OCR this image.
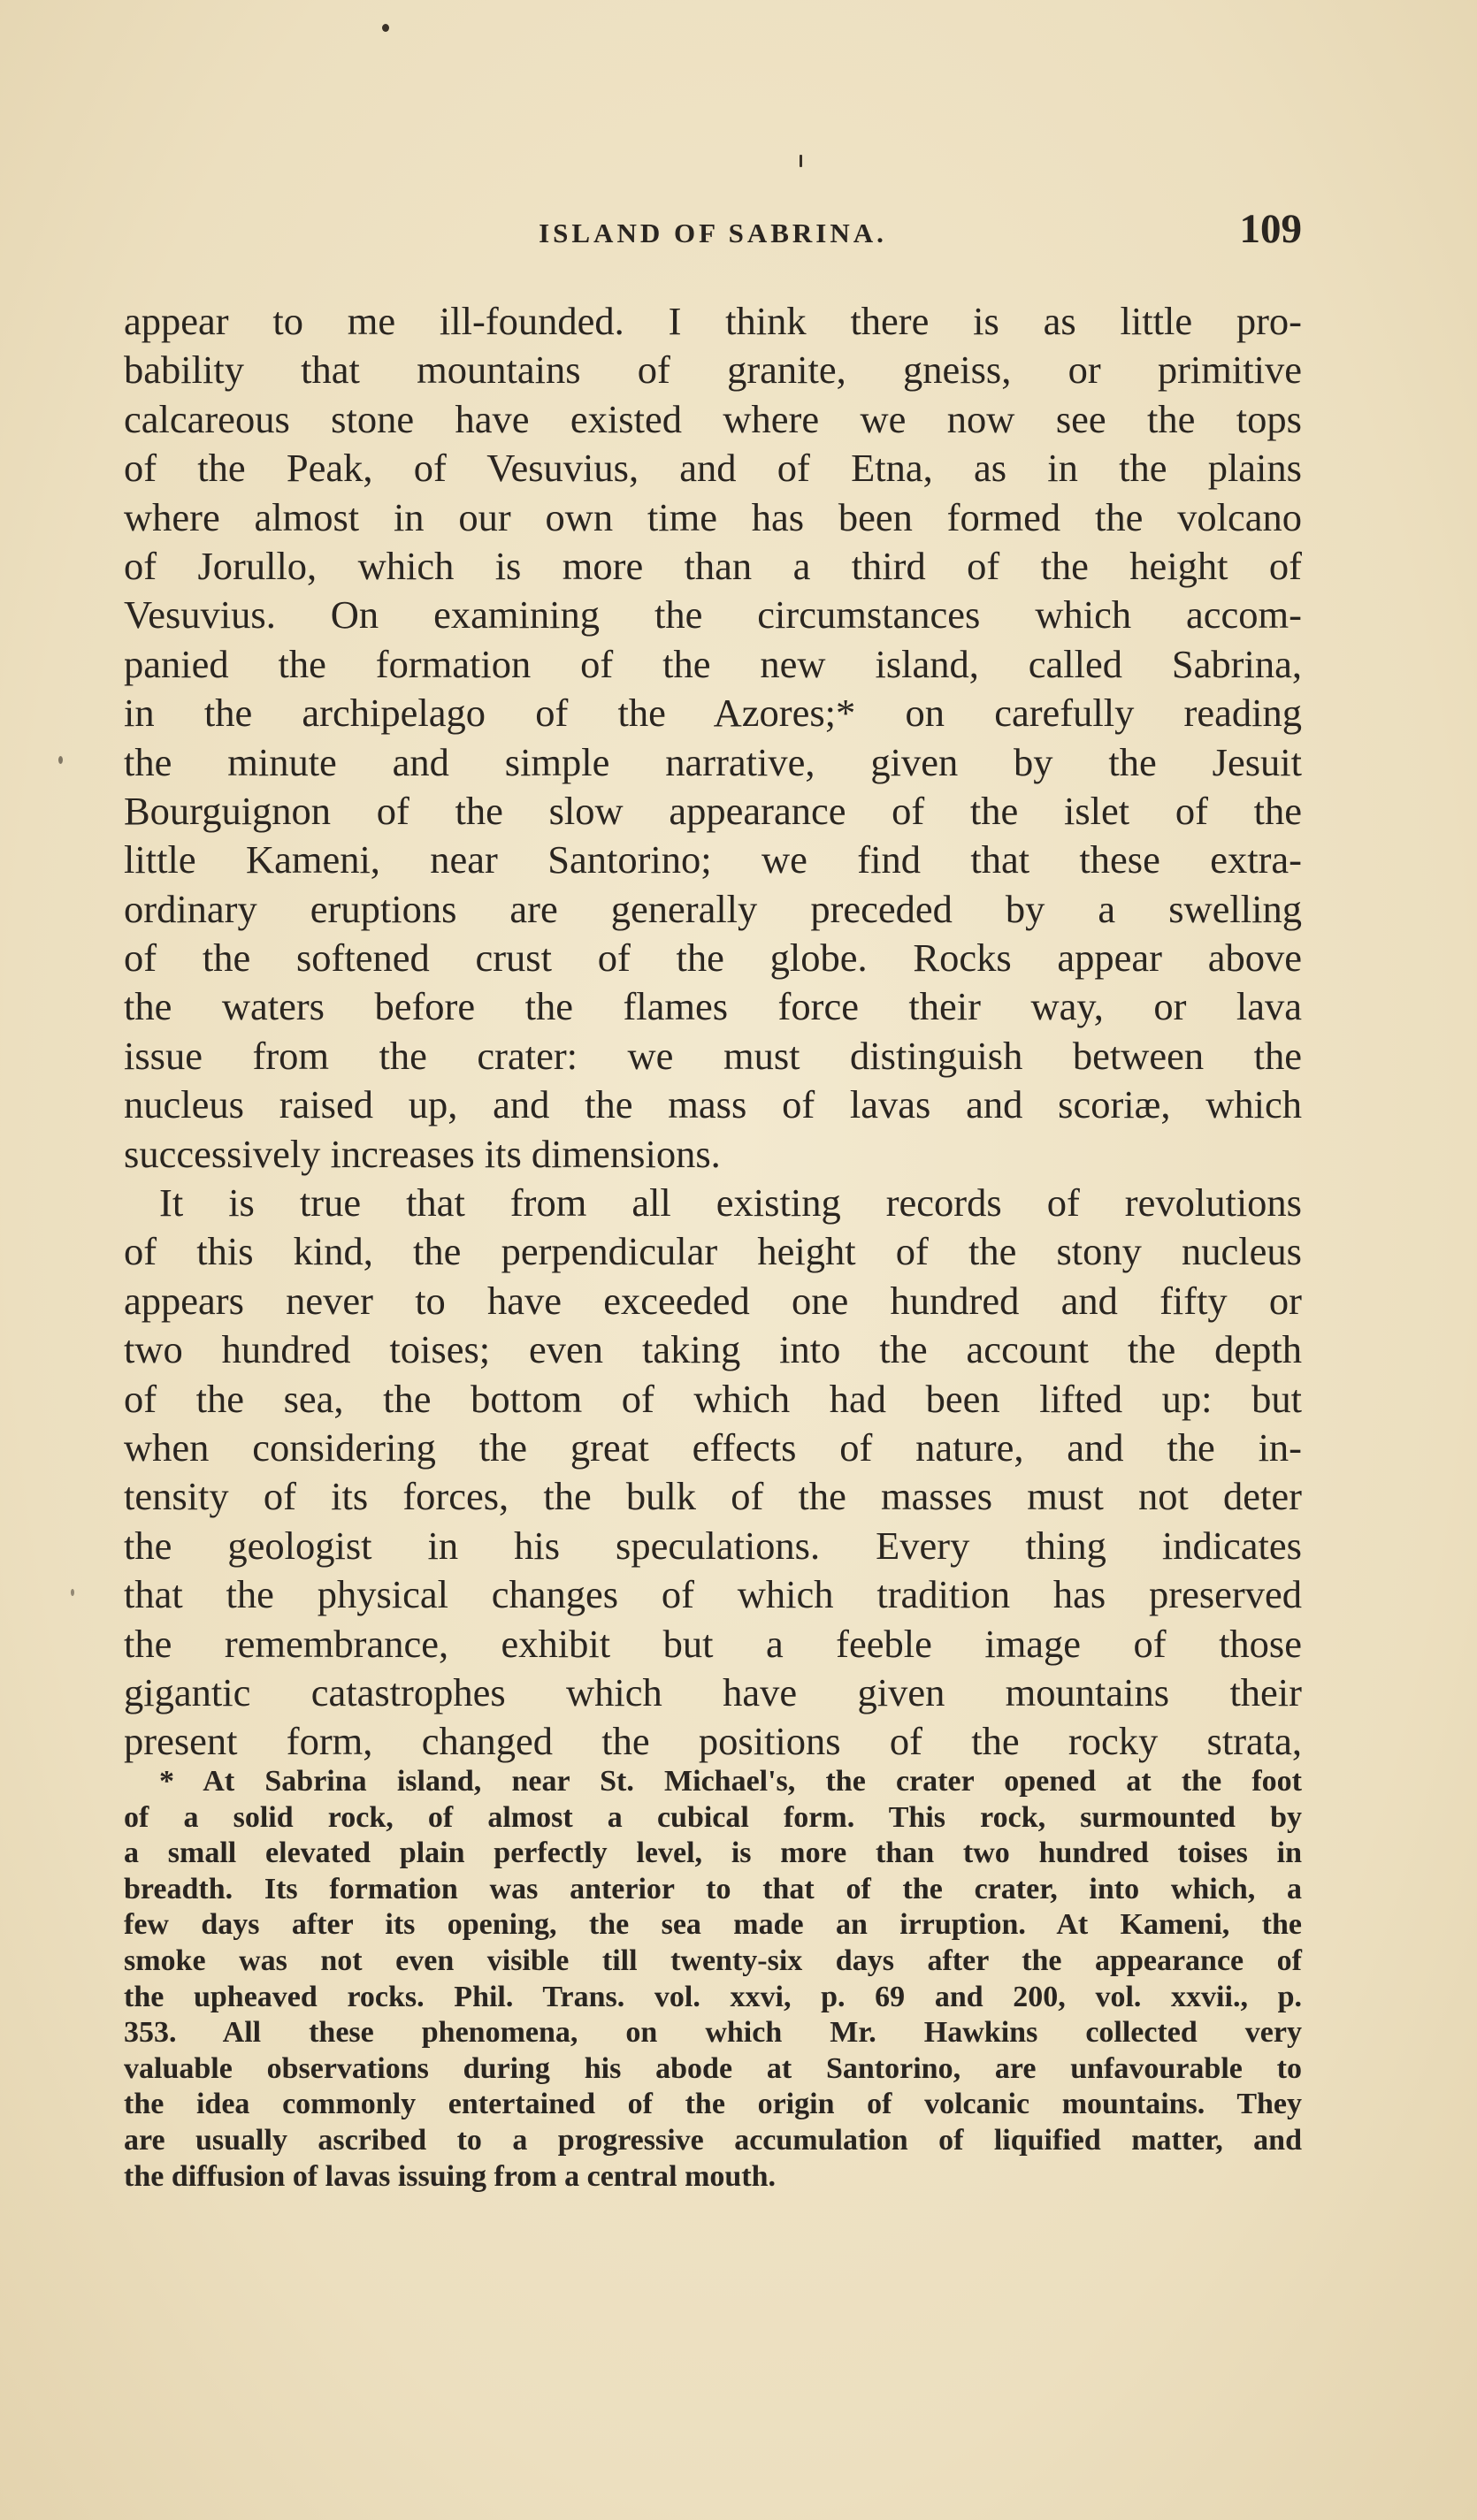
ISLAND OF SABRINA.	109
appear to me ill-founded. I think there is as little pro-
bability that mountains of granite, gneiss, or primitive
calcareous stone have existed where we now see the tops
of the Peak, of Vesuvius, and of Etna, as in the plains
where almost in our own time has been formed the volcano
of Jorullo, which is more than a third of the height of
Vesuvius. On examining the circumstances which accom-
panied the formation of the new island, called Sabrina,
in the archipelago of the Azores;* on carefully reading
the minute and simple narrative, given by the Jesuit
Bourguignon of the slow appearance of the islet of the
little Kameni, near Santorino; we find that these extra-
ordinary eruptions are generally preceded by a swelling
of the softened crust of the globe. Rocks appear above
the waters before the flames force their way, or lava
issue from the crater: we must distinguish between the
nucleus raised up, and the mass of lavas and scoriæ, which
successively increases its dimensions.
It is true that from all existing records of revolutions
of this kind, the perpendicular height of the stony nucleus
appears never to have exceeded one hundred and fifty or
two hundred toises; even taking into the account the depth
of the sea, the bottom of which had been lifted up: but
when considering the great effects of nature, and the in-
tensity of its forces, the bulk of the masses must not deter
the geologist in his speculations. Every thing indicates
that the physical changes of which tradition has preserved
the remembrance, exhibit but a feeble image of those
gigantic catastrophes which have given mountains their
present form, changed the positions of the rocky strata,
* At Sabrina island, near St. Michael's, the crater opened at the foot
of a solid rock, of almost a cubical form. This rock, surmounted by
a small elevated plain perfectly level, is more than two hundred toises in
breadth. Its formation was anterior to that of the crater, into which, a
few days after its opening, the sea made an irruption. At Kameni, the
smoke was not even visible till twenty-six days after the appearance of
the upheaved rocks. Phil. Trans. vol. xxvi, p. 69 and 200, vol. xxvii., p.
353. All these phenomena, on which Mr. Hawkins collected very
valuable observations during his abode at Santorino, are unfavourable to
the idea commonly entertained of the origin of volcanic mountains. They
are usually ascribed to a progressive accumulation of liquified matter, and
the diffusion of lavas issuing from a central mouth.
